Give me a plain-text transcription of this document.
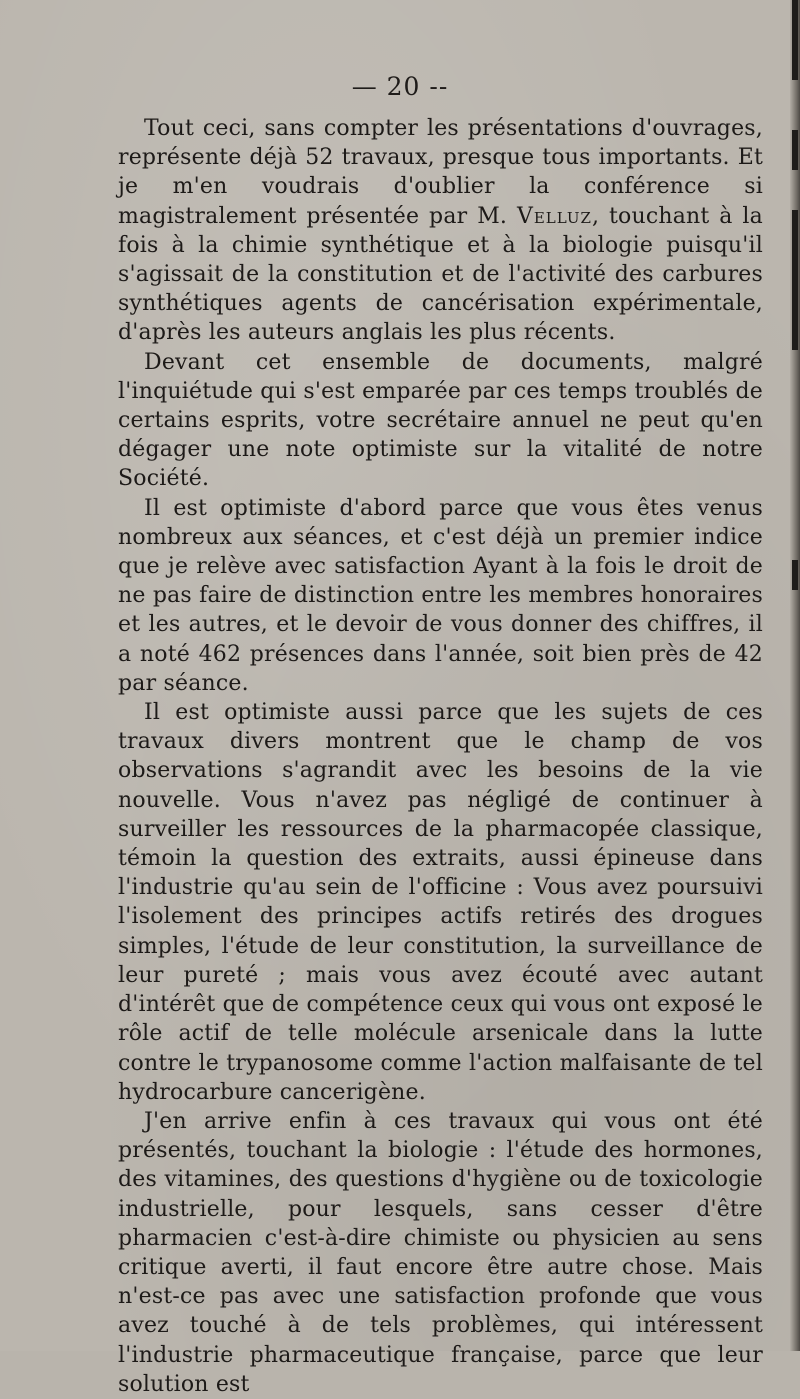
— 20 --

Tout ceci, sans compter les présentations d'ouvrages, représente déjà 52 travaux, presque tous importants. Et je m'en voudrais d'oublier la conférence si magistralement présentée par M. Velluz, touchant à la fois à la chimie synthétique et à la biologie puisqu'il s'agissait de la constitution et de l'activité des carbures synthétiques agents de cancérisation expérimentale, d'après les auteurs anglais les plus récents.

Devant cet ensemble de documents, malgré l'inquiétude qui s'est emparée par ces temps troublés de certains esprits, votre secrétaire annuel ne peut qu'en dégager une note optimiste sur la vitalité de notre Société.

Il est optimiste d'abord parce que vous êtes venus nombreux aux séances, et c'est déjà un premier indice que je relève avec satisfaction Ayant à la fois le droit de ne pas faire de distinction entre les membres honoraires et les autres, et le devoir de vous donner des chiffres, il a noté 462 présences dans l'année, soit bien près de 42 par séance.

Il est optimiste aussi parce que les sujets de ces travaux divers montrent que le champ de vos observations s'agrandit avec les besoins de la vie nouvelle. Vous n'avez pas négligé de continuer à surveiller les ressources de la pharmacopée classique, témoin la question des extraits, aussi épineuse dans l'industrie qu'au sein de l'officine : Vous avez poursuivi l'isolement des principes actifs retirés des drogues simples, l'étude de leur constitution, la surveillance de leur pureté ; mais vous avez écouté avec autant d'intérêt que de compétence ceux qui vous ont exposé le rôle actif de telle molécule arsenicale dans la lutte contre le trypanosome comme l'action malfaisante de tel hydrocarbure cancerigène.

J'en arrive enfin à ces travaux qui vous ont été présentés, touchant la biologie : l'étude des hormones, des vitamines, des questions d'hygiène ou de toxicologie industrielle, pour lesquels, sans cesser d'être pharmacien c'est-à-dire chimiste ou physicien au sens critique averti, il faut encore être autre chose. Mais n'est-ce pas avec une satisfaction profonde que vous avez touché à de tels problèmes, qui intéressent l'industrie pharmaceutique française, parce que leur solution est
